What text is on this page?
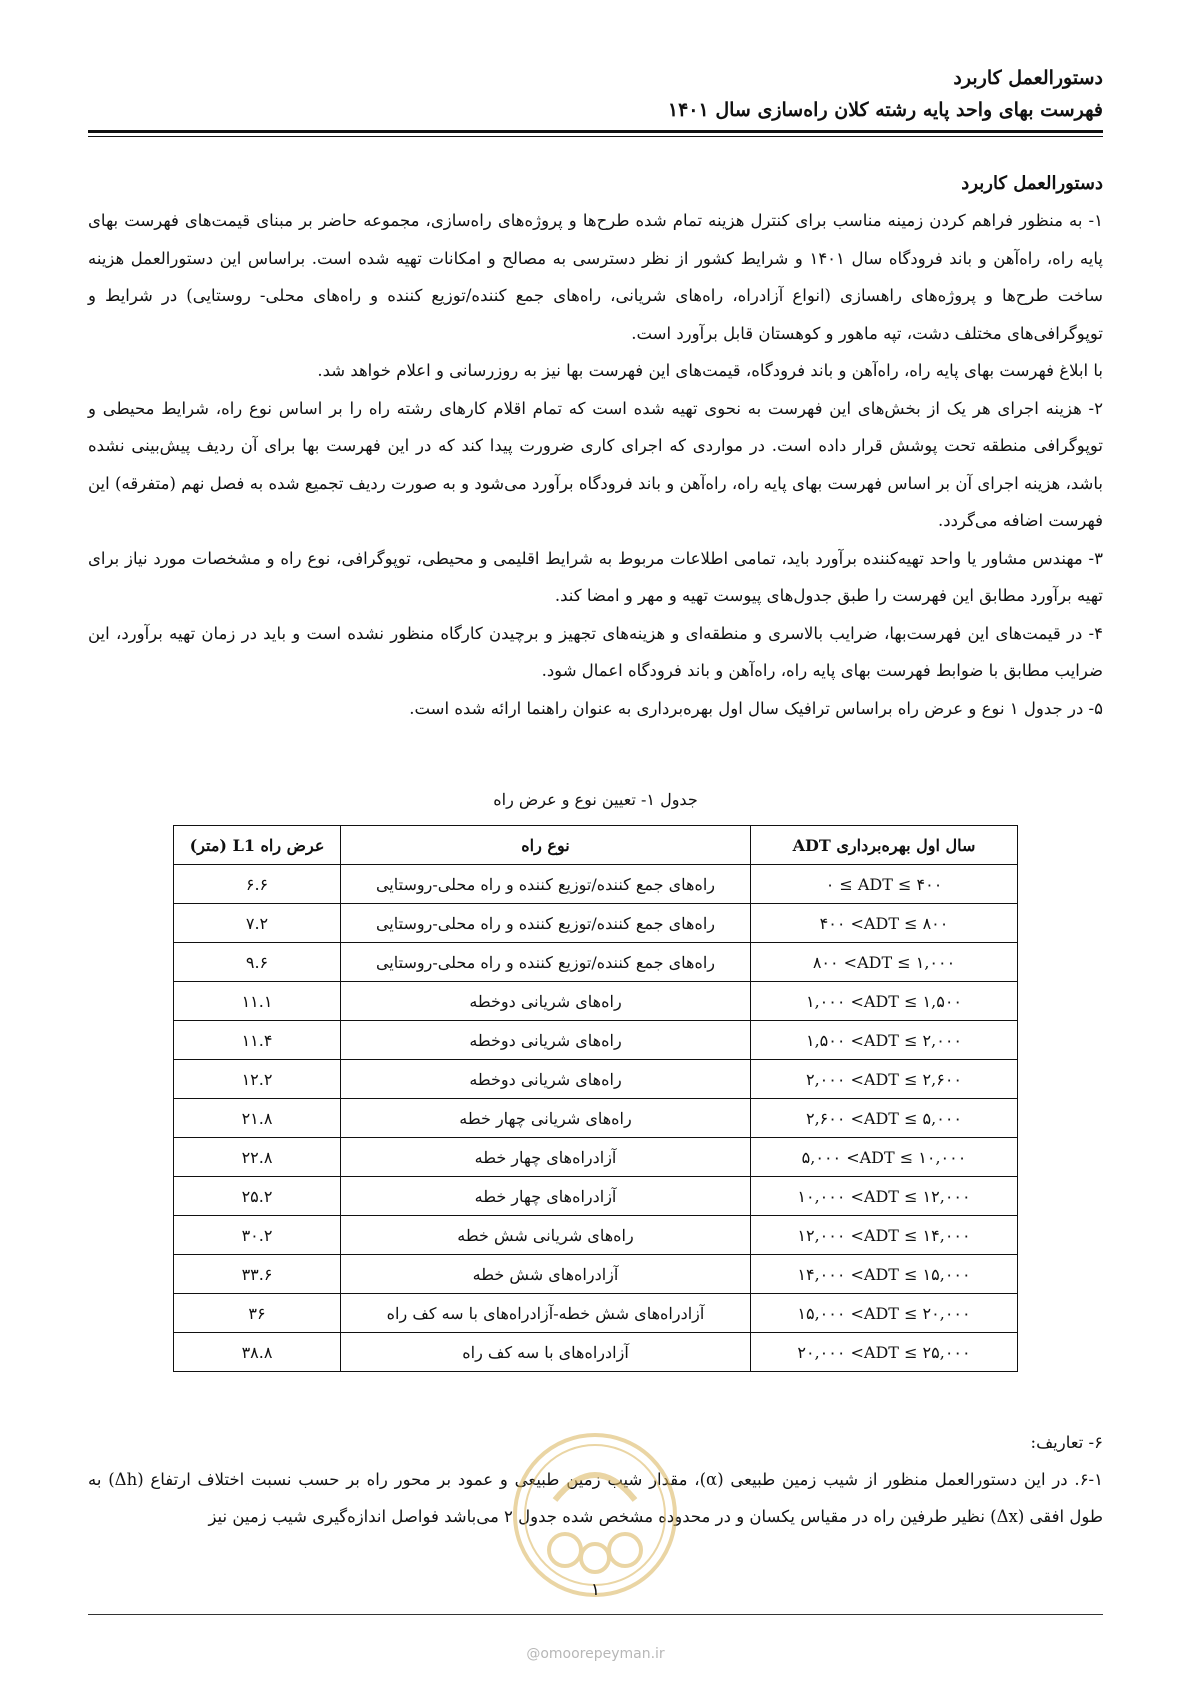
دستورالعمل کاربرد
فهرست بهای واحد پایه رشته کلان راه‌سازی سال ۱۴۰۱
دستورالعمل کاربرد

۱- به منظور فراهم کردن زمینه مناسب برای کنترل هزینه تمام شده طرح‌ها و پروژه‌های راه‌سازی، مجموعه حاضر بر مبنای قیمت‌های فهرست بهای پایه راه، راه‌آهن و باند فرودگاه سال ۱۴۰۱ و شرایط کشور از نظر دسترسی به مصالح و امکانات تهیه شده است. براساس این دستورالعمل هزینه ساخت طرح‌ها و پروژه‌های راهسازی (انواع آزادراه، راه‌های شریانی، راه‌های جمع کننده/توزیع کننده و راه‌های محلی- روستایی) در شرایط و توپوگرافی‌های مختلف دشت، تپه ماهور و کوهستان قابل برآورد است.

با ابلاغ فهرست بهای پایه راه، راه‌آهن و باند فرودگاه، قیمت‌های این فهرست بها نیز به روزرسانی و اعلام خواهد شد.

۲- هزینه اجرای هر یک از بخش‌های این فهرست به نحوی تهیه شده است که تمام اقلام کارهای رشته راه را بر اساس نوع راه، شرایط محیطی و توپوگرافی منطقه تحت پوشش قرار داده است. در مواردی که اجرای کاری ضرورت پیدا کند که در این فهرست بها برای آن ردیف پیش‌بینی نشده باشد، هزینه اجرای آن بر اساس فهرست بهای پایه راه، راه‌آهن و باند فرودگاه برآورد می‌شود و به صورت ردیف تجمیع شده به فصل نهم (متفرقه) این فهرست اضافه می‌گردد.

۳- مهندس مشاور یا واحد تهیه‌کننده برآورد باید، تمامی اطلاعات مربوط به شرایط اقلیمی و محیطی، توپوگرافی، نوع راه و مشخصات مورد نیاز برای تهیه برآورد مطابق این فهرست را طبق جدول‌های پیوست تهیه و مهر و امضا کند.

۴- در قیمت‌های این فهرست‌بها، ضرایب بالاسری و منطقه‌ای و هزینه‌های تجهیز و برچیدن کارگاه منظور نشده است و باید در زمان تهیه برآورد، این ضرایب مطابق با ضوابط فهرست بهای پایه راه، راه‌آهن و باند فرودگاه اعمال شود.

۵- در جدول ۱ نوع و عرض راه براساس ترافیک سال اول بهره‌برداری به عنوان راهنما ارائه شده است.

جدول ۱- تعیین نوع و عرض راه
ADT سال اول بهره‌برداری	نوع راه	عرض راه L1 (متر)
۰ ≤ ADT ≤ ۴۰۰	راه‌های جمع کننده/توزیع کننده و راه محلی-روستایی	۶.۶
۴۰۰ <ADT ≤ ۸۰۰	راه‌های جمع کننده/توزیع کننده و راه محلی-روستایی	۷.۲
۸۰۰ <ADT ≤ ۱,۰۰۰	راه‌های جمع کننده/توزیع کننده و راه محلی-روستایی	۹.۶
۱,۰۰۰ <ADT ≤ ۱,۵۰۰	راه‌های شریانی دوخطه	۱۱.۱
۱,۵۰۰ <ADT ≤ ۲,۰۰۰	راه‌های شریانی دوخطه	۱۱.۴
۲,۰۰۰ <ADT ≤ ۲,۶۰۰	راه‌های شریانی دوخطه	۱۲.۲
۲,۶۰۰ <ADT ≤ ۵,۰۰۰	راه‌های شریانی چهار خطه	۲۱.۸
۵,۰۰۰ <ADT ≤ ۱۰,۰۰۰	آزادراه‌های چهار خطه	۲۲.۸
۱۰,۰۰۰ <ADT ≤ ۱۲,۰۰۰	آزادراه‌های چهار خطه	۲۵.۲
۱۲,۰۰۰ <ADT ≤ ۱۴,۰۰۰	راه‌های شریانی شش خطه	۳۰.۲
۱۴,۰۰۰ <ADT ≤ ۱۵,۰۰۰	آزادراه‌های شش خطه	۳۳.۶
۱۵,۰۰۰ <ADT ≤ ۲۰,۰۰۰	آزادراه‌های شش خطه-آزادراه‌های با سه کف راه	۳۶
۲۰,۰۰۰ <ADT ≤ ۲۵,۰۰۰	آزادراه‌های با سه کف راه	۳۸.۸

۶- تعاریف:

۶-۱. در این دستورالعمل منظور از شیب زمین طبیعی (α)، مقدار شیب زمین طبیعی و عمود بر محور راه بر حسب نسبت اختلاف ارتفاع (Δh) به طول افقی (Δx) نظیر طرفین راه در مقیاس یکسان و در محدوده مشخص شده جدول ۲ می‌باشد فواصل اندازه‌گیری شیب زمین نیز

۱
@omoorepeyman.ir
